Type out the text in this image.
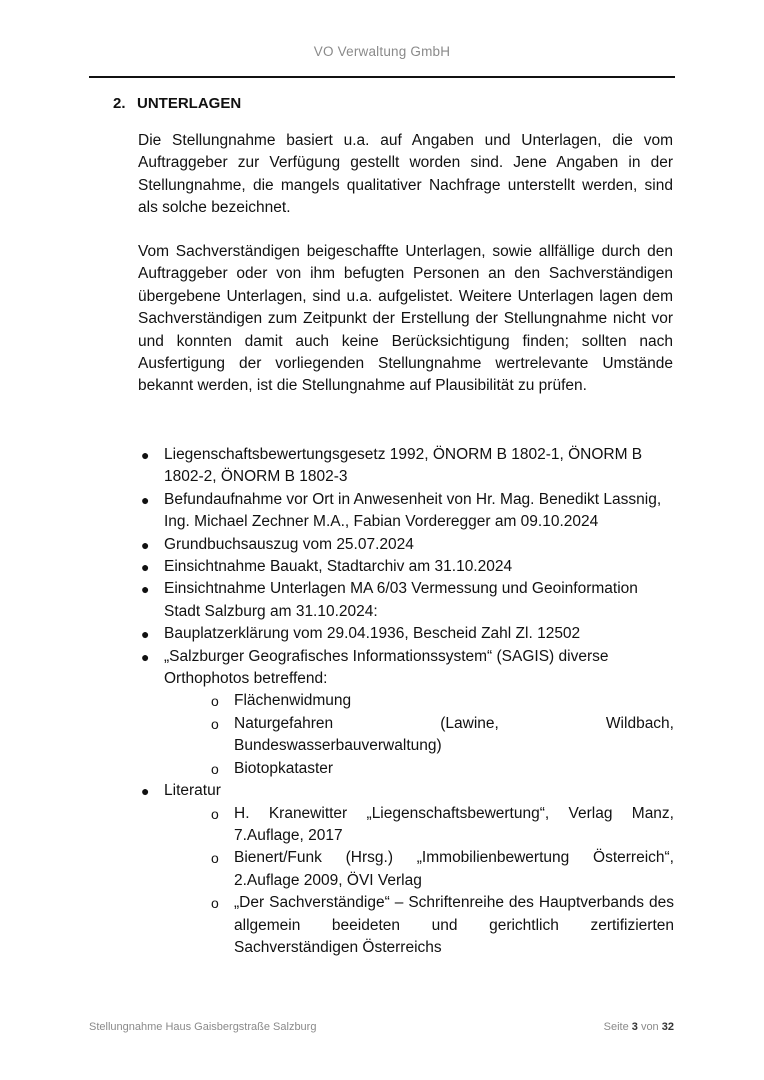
VO Verwaltung GmbH
2. UNTERLAGEN

Die Stellungnahme basiert u.a. auf Angaben und Unterlagen, die vom Auftraggeber zur Verfügung gestellt worden sind. Jene Angaben in der Stellungnahme, die mangels qualitativer Nachfrage unterstellt werden, sind als solche bezeichnet.

Vom Sachverständigen beigeschaffte Unterlagen, sowie allfällige durch den Auftraggeber oder von ihm befugten Personen an den Sachverständigen übergebene Unterlagen, sind u.a. aufgelistet. Weitere Unterlagen lagen dem Sachverständigen zum Zeitpunkt der Erstellung der Stellungnahme nicht vor und konnten damit auch keine Berücksichtigung finden; sollten nach Ausfertigung der vorliegenden Stellungnahme wertrelevante Umstände bekannt werden, ist die Stellungnahme auf Plausibilität zu prüfen.

● Liegenschaftsbewertungsgesetz 1992, ÖNORM B 1802-1, ÖNORM B 1802-2, ÖNORM B 1802-3
● Befundaufnahme vor Ort in Anwesenheit von Hr. Mag. Benedikt Lassnig, Ing. Michael Zechner M.A., Fabian Vorderegger am 09.10.2024
● Grundbuchsauszug vom 25.07.2024
● Einsichtnahme Bauakt, Stadtarchiv am 31.10.2024
● Einsichtnahme Unterlagen MA 6/03 Vermessung und Geoinformation Stadt Salzburg am 31.10.2024:
● Bauplatzerklärung vom 29.04.1936, Bescheid Zahl Zl. 12502
● „Salzburger Geografisches Informationssystem“ (SAGIS) diverse Orthophotos betreffend:
o Flächenwidmung
o Naturgefahren (Lawine, Wildbach, Bundeswasserbauverwaltung)
o Biotopkataster
● Literatur
o H. Kranewitter „Liegenschaftsbewertung“, Verlag Manz, 7.Auflage, 2017
o Bienert/Funk (Hrsg.) „Immobilienbewertung Österreich“, 2.Auflage 2009, ÖVI Verlag
o „Der Sachverständige“ – Schriftenreihe des Hauptverbands des allgemein beeideten und gerichtlich zertifizierten Sachverständigen Österreichs
Stellungnahme Haus Gaisbergstraße Salzburg	Seite 3 von 32
